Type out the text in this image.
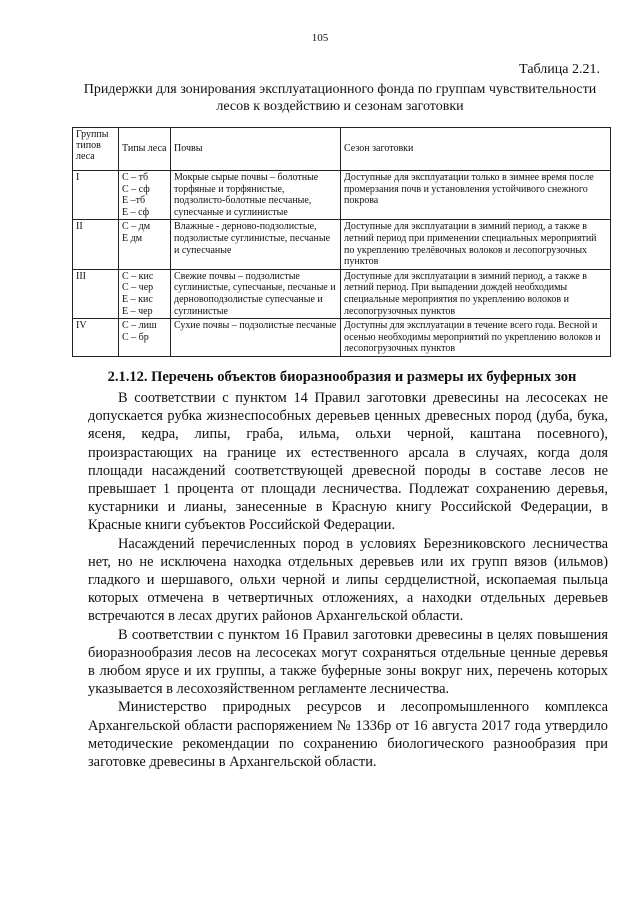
105
Таблица 2.21.
Придержки для зонирования эксплуатационного фонда по группам чувствительности лесов к воздействию и сезонам заготовки
Группы типов леса	Типы леса	Почвы	Сезон заготовки
I	С – тб
С – сф
Е –тб
Е – сф	Мокрые сырые почвы – болотные торфяные и торфянистые, подзолисто-болотные песчаные, супесчаные и суглинистые	Доступные для эксплуатации только в зимнее время после промерзания почв и установления устойчивого снежного покрова
II	С – дм
Е дм	Влажные - дерново-подзолистые, подзолистые суглинистые, песчаные и супесчаные	Доступные для эксплуатации в зимний период, а также в летний период при применении специальных мероприятий по укреплению трелёвочных волоков и лесопогрузочных пунктов
III	С – кис
С – чер
Е – кис
Е – чер	Свежие почвы – подзолистые суглинистые, супесчаные, песчаные и дерновоподзолистые супесчаные и суглинистые	Доступные для эксплуатации в зимний период, а также в летний период. При выпадении дождей необходимы специальные мероприятия по укреплению волоков и лесопогрузочных пунктов
IV	С – лиш
С – бр	Сухие почвы – подзолистые песчаные	Доступны для эксплуатации в течение всего года. Весной и осенью необходимы мероприятий по укреплению волоков и лесопогрузочных пунктов
2.1.12. Перечень объектов биоразнообразия и размеры их буферных зон

В соответствии с пунктом 14 Правил заготовки древесины на лесосеках не допускается рубка жизнеспособных деревьев ценных древесных пород (дуба, бука, ясеня, кедра, липы, граба, ильма, ольхи черной, каштана посевного), произрастающих на границе их естественного арсала в случаях, когда доля площади насаждений соответствующей древесной породы в составе лесов не превышает 1 процента от площади лесничества. Подлежат сохранению деревья, кустарники и лианы, занесенные в Красную книгу Российской Федерации, в Красные книги субъектов Российской Федерации.

Насаждений перечисленных пород в условиях Березниковского лесничества нет, но не исключена находка отдельных деревьев или их групп вязов (ильмов) гладкого и шершавого, ольхи черной и липы сердцелистной, ископаемая пыльца которых отмечена в четвертичных отложениях, а находки отдельных деревьев встречаются в лесах других районов Архангельской области.

В соответствии с пунктом 16 Правил заготовки древесины в целях повышения биоразнообразия лесов на лесосеках могут сохраняться отдельные ценные деревья в любом ярусе и их группы, а также буферные зоны вокруг них, перечень которых указывается в лесохозяйственном регламенте лесничества.

Министерство природных ресурсов и лесопромышленного комплекса Архангельской области распоряжением № 1336р от 16 августа 2017 года утвердило методические рекомендации по сохранению биологического разнообразия при заготовке древесины в Архангельской области.
